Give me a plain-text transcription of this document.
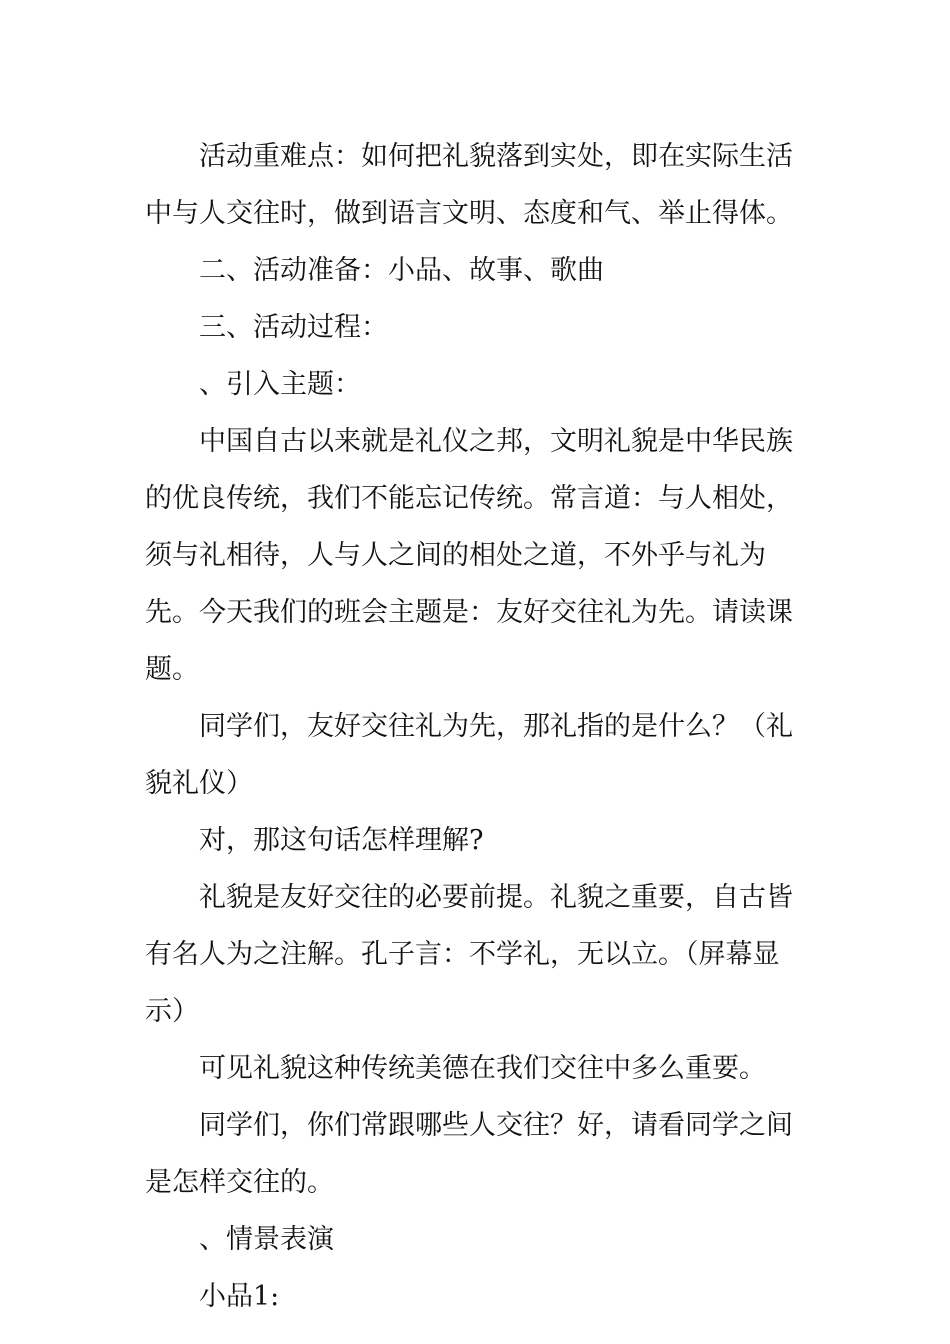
活动重难点：如何把礼貌落到实处，即在实际生活中与人交往时，做到语言文明、态度和气、举止得体。

二、活动准备：小品、故事、歌曲

三、活动过程：

、引入主题：

中国自古以来就是礼仪之邦，文明礼貌是中华民族的优良传统，我们不能忘记传统。常言道：与人相处，须与礼相待，人与人之间的相处之道，不外乎与礼为先。今天我们的班会主题是：友好交往礼为先。请读课题。

同学们，友好交往礼为先，那礼指的是什么？（礼貌礼仪）

对，那这句话怎样理解?

礼貌是友好交往的必要前提。礼貌之重要，自古皆有名人为之注解。孔子言：不学礼，无以立。（屏幕显示）

可见礼貌这种传统美德在我们交往中多么重要。

同学们，你们常跟哪些人交往？好，请看同学之间是怎样交往的。

、情景表演

小品1:
